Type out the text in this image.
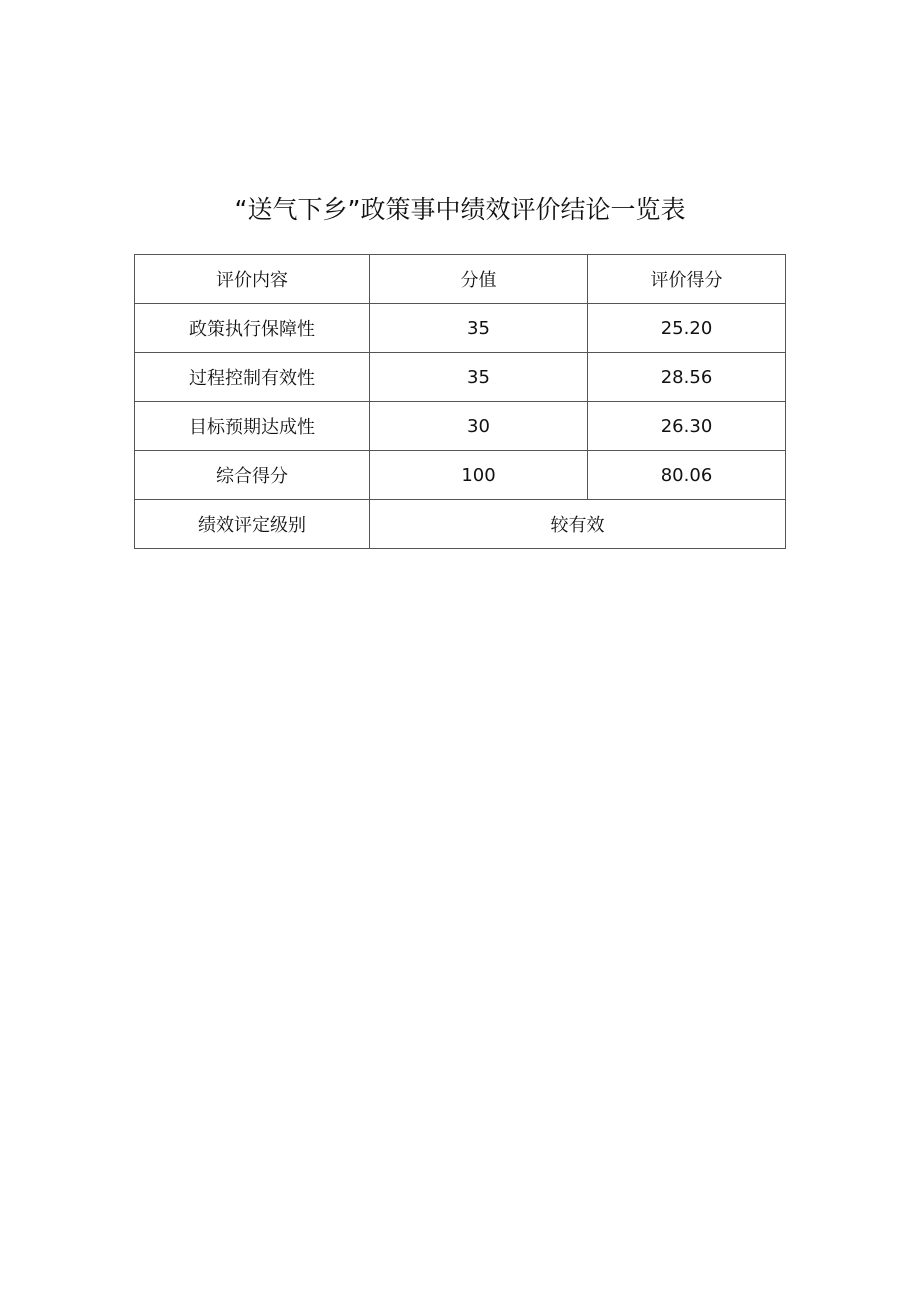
“送气下乡”政策事中绩效评价结论一览表
评价内容	分值	评价得分
政策执行保障性	35	25.20
过程控制有效性	35	28.56
目标预期达成性	30	26.30
综合得分	100	80.06
绩效评定级别	较有效	
